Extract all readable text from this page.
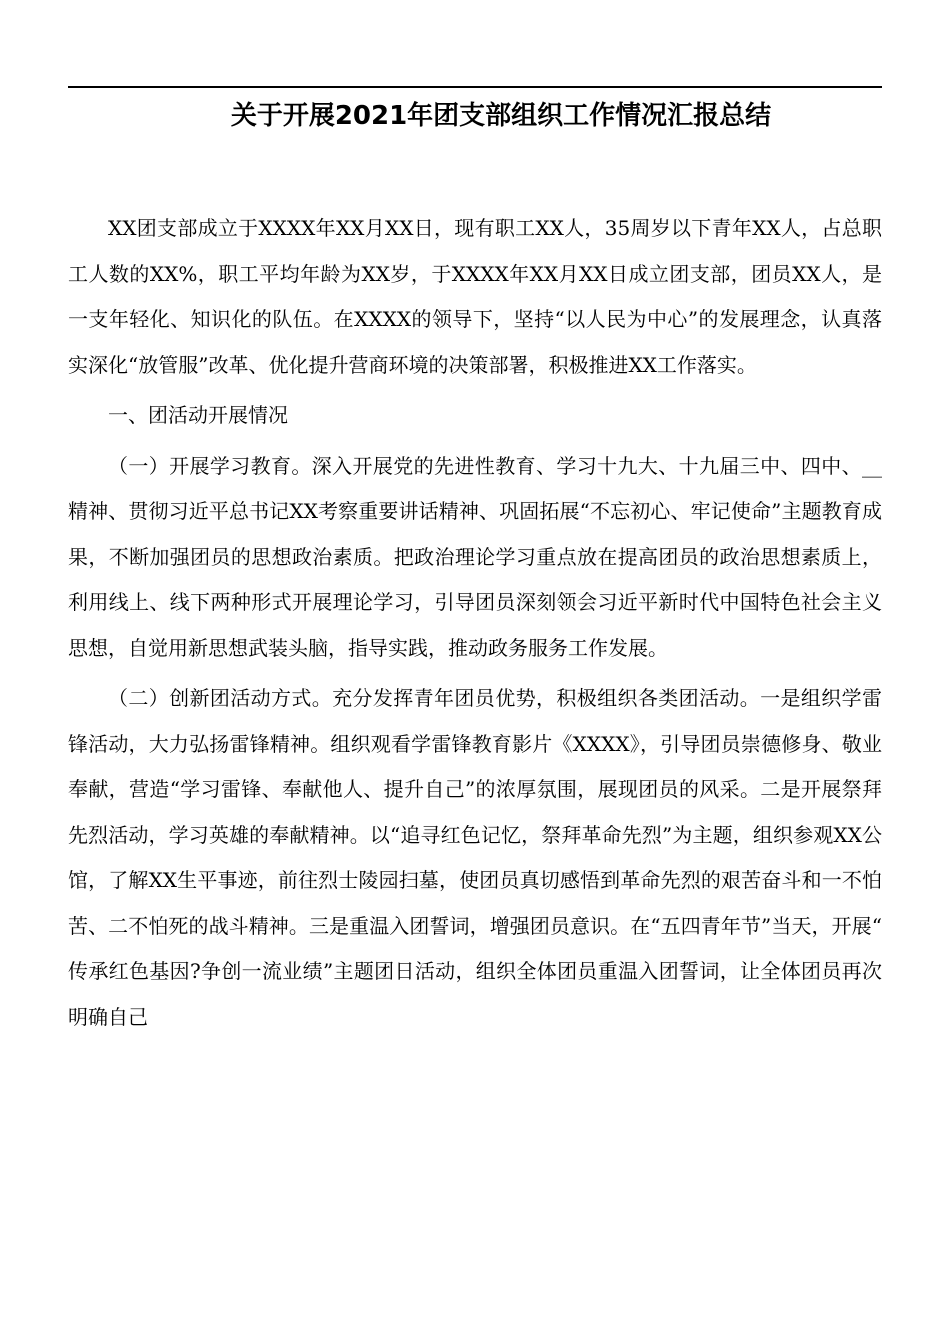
关于开展2021年团支部组织工作情况汇报总结

XX团支部成立于XXXX年XX月XX日，现有职工XX人，35周岁以下青年XX人，占总职工人数的XX%，职工平均年龄为XX岁，于XXXX年XX月XX日成立团支部，团员XX人，是一支年轻化、知识化的队伍。在XXXX的领导下，坚持“以人民为中心”的发展理念，认真落实深化“放管服”改革、优化提升营商环境的决策部署，积极推进XX工作落实。

一、团活动开展情况

（一）开展学习教育。深入开展党的先进性教育、学习十九大、十九届三中、四中、__精神、贯彻习近平总书记XX考察重要讲话精神、巩固拓展“不忘初心、牢记使命”主题教育成果，不断加强团员的思想政治素质。把政治理论学习重点放在提高团员的政治思想素质上，利用线上、线下两种形式开展理论学习，引导团员深刻领会习近平新时代中国特色社会主义思想，自觉用新思想武装头脑，指导实践，推动政务服务工作发展。

（二）创新团活动方式。充分发挥青年团员优势，积极组织各类团活动。一是组织学雷锋活动，大力弘扬雷锋精神。组织观看学雷锋教育影片《XXXX》，引导团员崇德修身、敬业奉献，营造“学习雷锋、奉献他人、提升自己”的浓厚氛围，展现团员的风采。二是开展祭拜先烈活动，学习英雄的奉献精神。以“追寻红色记忆，祭拜革命先烈”为主题，组织参观XX公馆，了解XX生平事迹，前往烈士陵园扫墓，使团员真切感悟到革命先烈的艰苦奋斗和一不怕苦、二不怕死的战斗精神。三是重温入团誓词，增强团员意识。在“五四青年节”当天，开展“ 传承红色基因?争创一流业绩”主题团日活动，组织全体团员重温入团誓词，让全体团员再次明确自己
